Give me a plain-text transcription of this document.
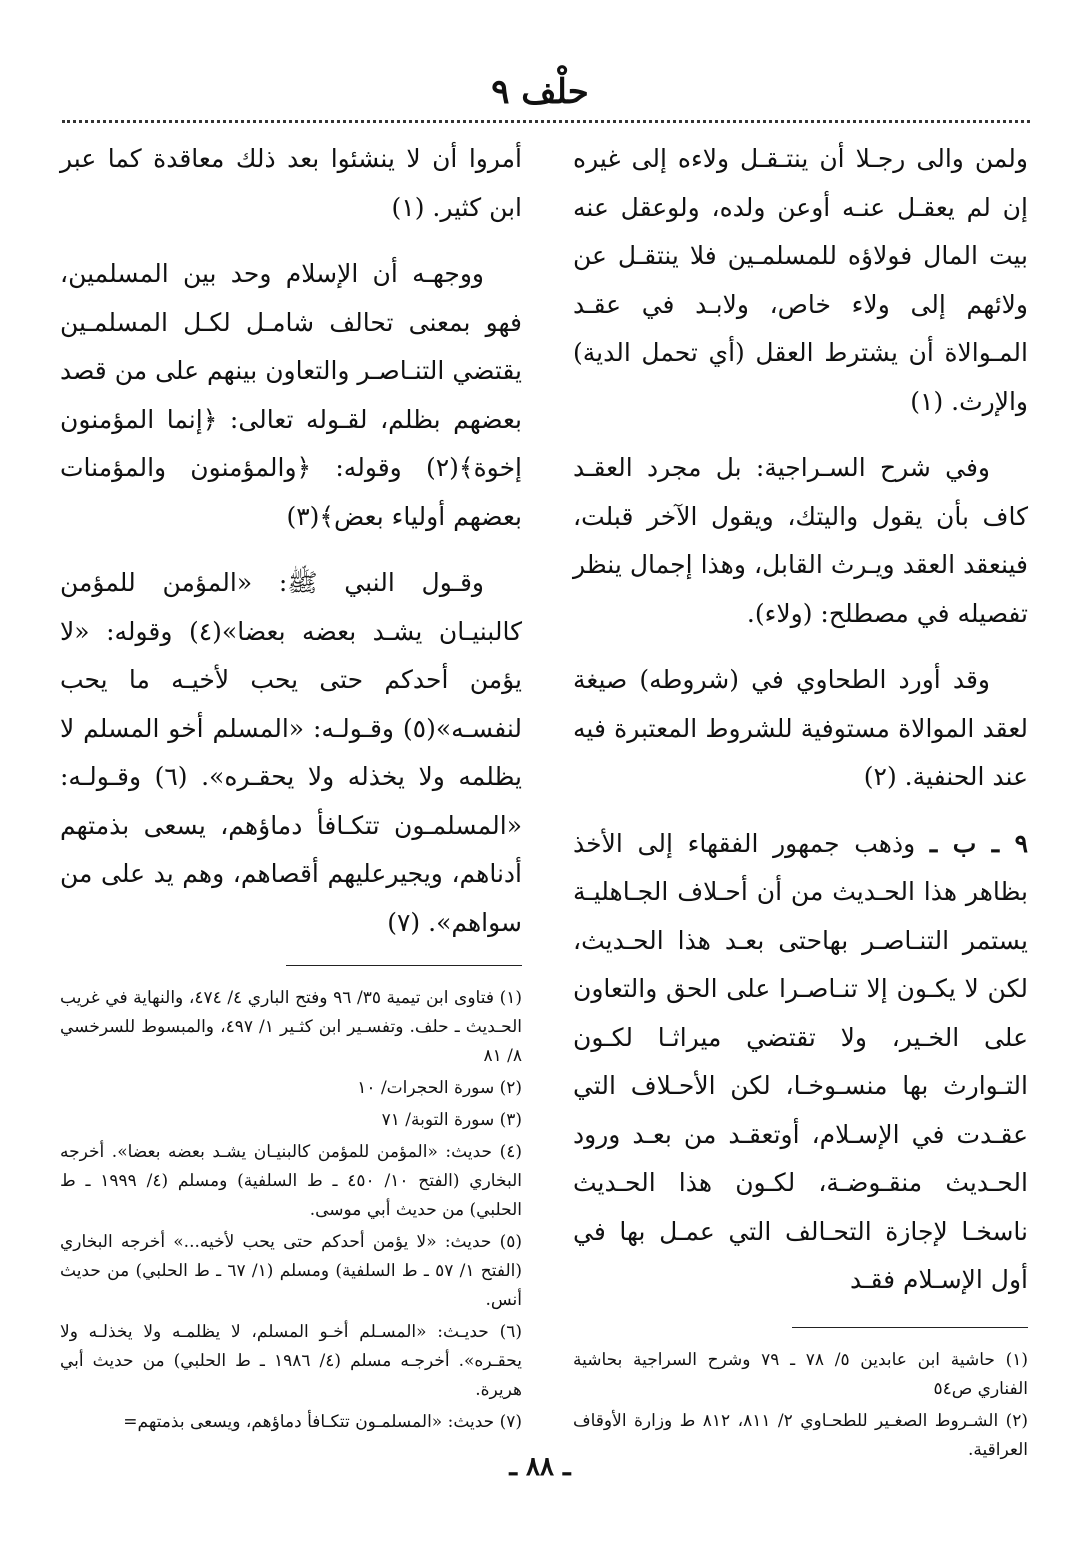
حلْف ٩

ولمن والى رجـلا أن ينتـقـل ولاءه إلى غيره إن لم يعقـل عنـه أوعن ولده، ولوعقل عنه بيت المال فولاؤه للمسلمـين فلا ينتقـل عن ولائهم إلى ولاء خاص، ولابـد في عقـد المـوالاة أن يشترط العقل (أي تحمل الدية) والإرث. (١)

وفي شرح السـراجية: بل مجرد العقـد كاف بأن يقول واليتك، ويقول الآخر قبلت، فينعقد العقد ويـرث القابل، وهذا إجمال ينظر تفصيله في مصطلح: (ولاء).

وقد أورد الطحاوي في (شروطه) صيغة لعقد الموالاة مستوفية للشروط المعتبرة فيه عند الحنفية. (٢)

٩ ـ ب ـ وذهب جمهور الفقهاء إلى الأخذ بظاهر هذا الحـديث من أن أحـلاف الجـاهليـة يستمر التنـاصـر بهاحتى بعـد هذا الحـديث، لكن لا يكـون إلا تنـاصـرا على الحق والتعاون على الخـير، ولا تقتضي ميراثـا لكـون التـوارث بها منسـوخـا، لكن الأحـلاف التي عقـدت في الإسـلام، أوتعقـد من بعـد ورود الحـديث منقـوضـة، لكـون هذا الحـديث ناسخـا لإجازة التحـالف التي عمـل بها في أول الإسـلام فقـد

(١) حاشية ابن عابدين ٥/ ٧٨ ـ ٧٩ وشرح السراجية بحاشية الفناري ص٥٤
(٢) الشـروط الصغـير للطحـاوي ٢/ ٨١١، ٨١٢ ط وزارة الأوقاف العراقية.

أمروا أن لا ينشئوا بعد ذلك معاقدة كما عبر ابن كثير. (١)

ووجهـه أن الإسلام وحد بين المسلمين، فهو بمعنى تحالف شامـل لكـل المسلمـين يقتضي التنـاصـر والتعاون بينهم على من قصد بعضهم بظلم، لقـوله تعالى: ﴿إنما المؤمنون إخوة﴾(٢) وقوله: ﴿والمؤمنون والمؤمنات بعضهم أولياء بعض﴾(٣)

وقـول النبي ﷺ: «المؤمن للمؤمن كالبنيـان يشـد بعضه بعضا»(٤) وقوله: «لا يؤمن أحدكم حتى يحب لأخيـه ما يحب لنفسـه»(٥) وقـولـه: «المسلم أخو المسلم لا يظلمه ولا يخذله ولا يحقـره». (٦) وقـولـه: «المسلمـون تتكـافأ دماؤهم، يسعى بذمتهم أدناهم، ويجيرعليهم أقصاهم، وهم يد على من سواهم». (٧)

(١) فتاوى ابن تيمية ٣٥/ ٩٦ وفتح الباري ٤/ ٤٧٤، والنهاية في غريب الحـديث ـ حلف. وتفسـير ابن كثـير ١/ ٤٩٧، والمبسوط للسرخسي ٨/ ٨١
(٢) سورة الحجرات/ ١٠
(٣) سورة التوبة/ ٧١
(٤) حديث: «المؤمن للمؤمن كالبنيـان يشـد بعضه بعضا». أخرجه البخاري (الفتح ١٠/ ٤٥٠ ـ ط السلفية) ومسلم (٤/ ١٩٩٩ ـ ط الحلبي) من حديث أبي موسى.
(٥) حديث: «لا يؤمن أحدكم حتى يحب لأخيه...» أخرجه البخاري (الفتح ١/ ٥٧ ـ ط السلفية) ومسلم (١/ ٦٧ ـ ط الحلبي) من حديث أنس.
(٦) حديـث: «المسـلم أخـو المسلم، لا يظلمـه ولا يخذلـه ولا يحقـره». أخرجـه مسلم (٤/ ١٩٨٦ ـ ط الحلبي) من حديث أبي هريرة.
(٧) حديث: «المسلمـون تتكـافأ دماؤهم، ويسعى بذمتهم=
ـ ٨٨ ـ
